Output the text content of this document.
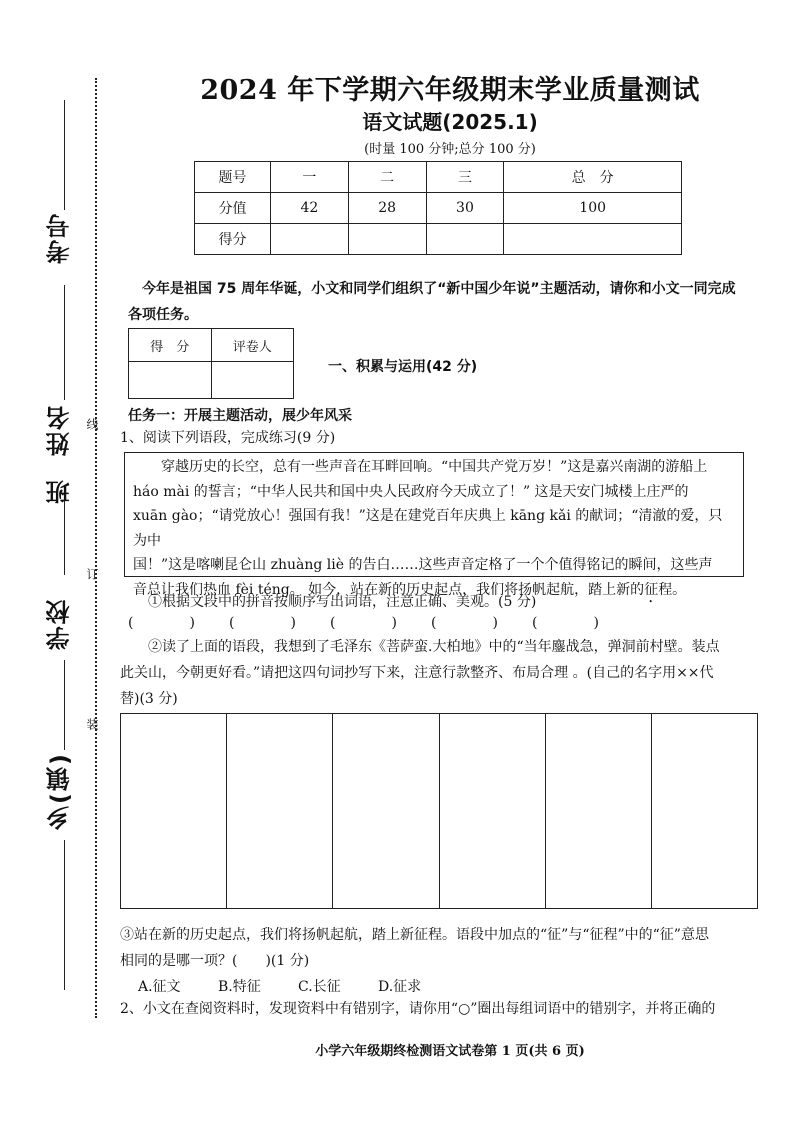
考号
姓名 线
班
订
学校
装
乡(镇)
2024 年下学期六年级期末学业质量测试
语文试题(2025.1)
(时量 100 分钟;总分 100 分)
题号	一	二	三	总　分
分值	42	28	30	100
得分				
今年是祖国 75 周年华诞，小文和同学们组织了“新中国少年说”主题活动，请你和小文一同完成各项任务。
得　分	评卷人

一、积累与运用(42 分)
任务一：开展主题活动，展少年风采
1、阅读下列语段，完成练习(9 分)
穿越历史的长空，总有一些声音在耳畔回响。“中国共产党万岁！”这是嘉兴南湖的游船上
háo mài 的誓言；“中华人民共和国中央人民政府今天成立了！” 这是天安门城楼上庄严的
xuān gào；“请党放心！强国有我！”这是在建党百年庆典上 kāng kǎi 的献词；“清澈的爱，只为中
国！”这是喀喇昆仑山 zhuàng liè 的告白……这些声音定格了一个个值得铭记的瞬间，这些声
音总让我们热血 fèi téng。 如今，站在新的历史起点，我们将扬帆起航，踏上新的征程。
①根据文段中的拼音按顺序写出词语，注意正确、美观。(5 分)
(　　　　) (　　　　) (　　　　) (　　　　) (　　　　)
②读了上面的语段，我想到了毛泽东《菩萨蛮.大柏地》中的“当年鏖战急，弹洞前村壁。装点
此关山，今朝更好看。”请把这四句词抄写下来，注意行款整齐、布局合理 。(自己的名字用××代
替)(3 分)
③站在新的历史起点，我们将扬帆起航，踏上新征程。语段中加点的“征”与“征程”中的“征”意思
相同的是哪一项？(　　)(1 分)
A.征文	B.特征	C.长征	D.征求
2、小文在查阅资料时，发现资料中有错别字，请你用“○”圈出每组词语中的错别字，并将正确的
小学六年级期终检测语文试卷第 1 页(共 6 页)
